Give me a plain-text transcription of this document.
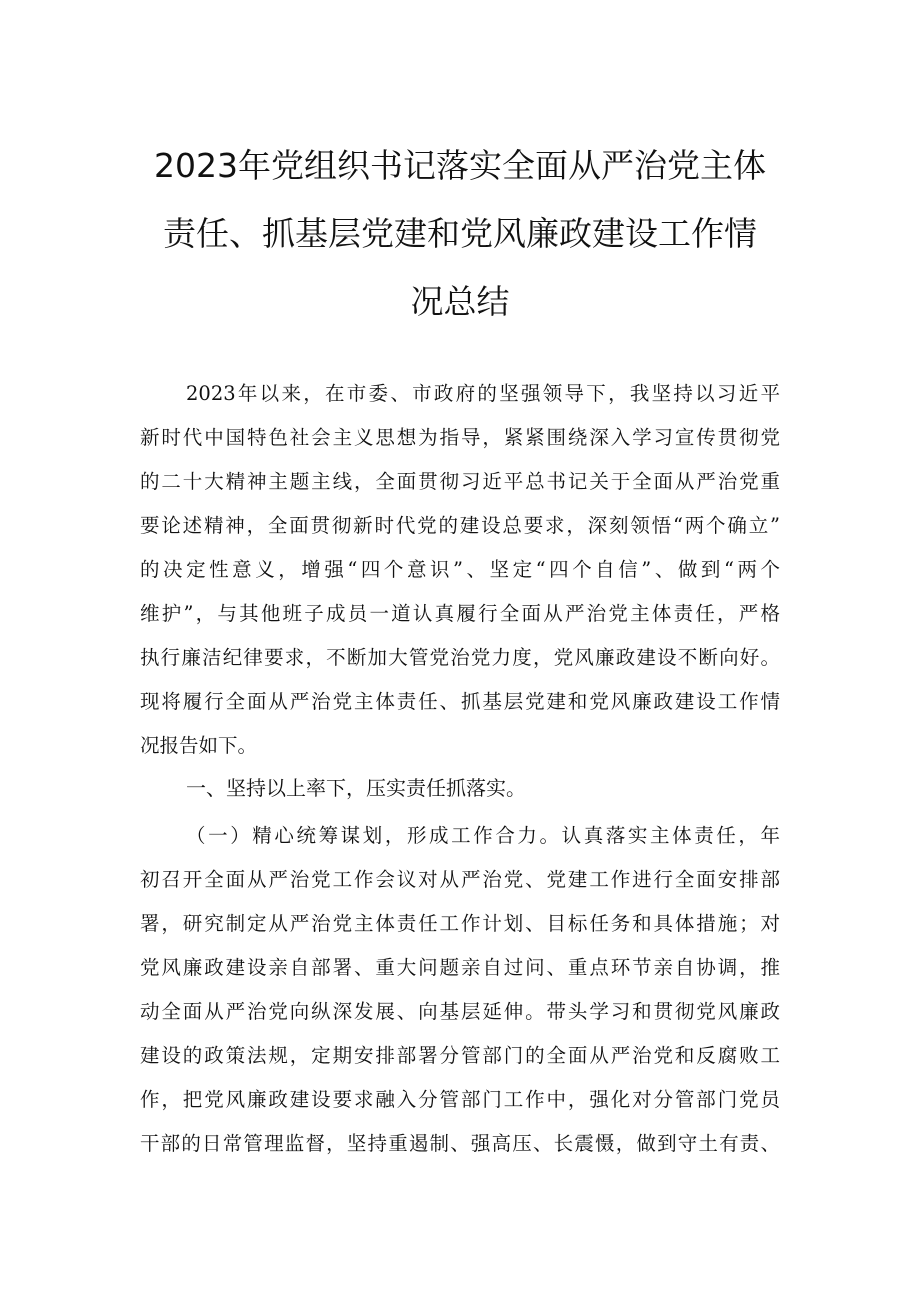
2023年党组织书记落实全面从严治党主体
责任、抓基层党建和党风廉政建设工作情
况总结
2023年以来，在市委、市政府的坚强领导下，我坚持以习近平
新时代中国特色社会主义思想为指导，紧紧围绕深入学习宣传贯彻党
的二十大精神主题主线，全面贯彻习近平总书记关于全面从严治党重
要论述精神，全面贯彻新时代党的建设总要求，深刻领悟“两个确立”
的决定性意义，增强“四个意识”、坚定“四个自信”、做到“两个
维护”，与其他班子成员一道认真履行全面从严治党主体责任，严格
执行廉洁纪律要求，不断加大管党治党力度，党风廉政建设不断向好。
现将履行全面从严治党主体责任、抓基层党建和党风廉政建设工作情
况报告如下。
一、坚持以上率下，压实责任抓落实。
（一）精心统筹谋划，形成工作合力。认真落实主体责任，年
初召开全面从严治党工作会议对从严治党、党建工作进行全面安排部
署，研究制定从严治党主体责任工作计划、目标任务和具体措施；对
党风廉政建设亲自部署、重大问题亲自过问、重点环节亲自协调，推
动全面从严治党向纵深发展、向基层延伸。带头学习和贯彻党风廉政
建设的政策法规，定期安排部署分管部门的全面从严治党和反腐败工
作，把党风廉政建设要求融入分管部门工作中，强化对分管部门党员
干部的日常管理监督，坚持重遏制、强高压、长震慑，做到守土有责、
